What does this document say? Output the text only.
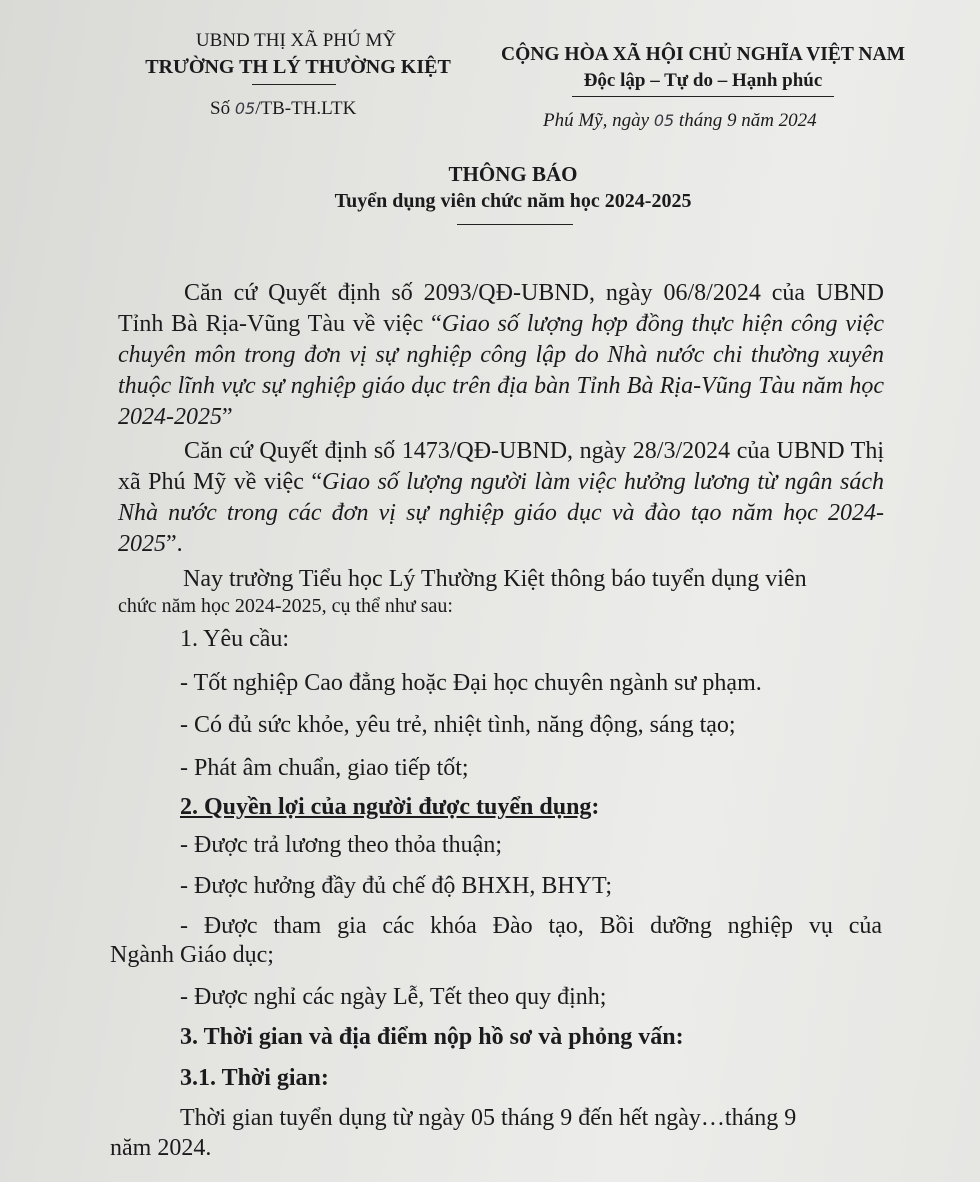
UBND THỊ XÃ PHÚ MỸ
TRƯỜNG TH LÝ THƯỜNG KIỆT
Số 05/TB-TH.LTK
CỘNG HÒA XÃ HỘI CHỦ NGHĨA VIỆT NAM
Độc lập – Tự do – Hạnh phúc
Phú Mỹ, ngày 05 tháng 9 năm 2024
THÔNG BÁO
Tuyển dụng viên chức năm học 2024-2025
Căn cứ Quyết định số 2093/QĐ-UBND, ngày 06/8/2024 của UBND Tỉnh Bà Rịa-Vũng Tàu về việc “Giao số lượng hợp đồng thực hiện công việc chuyên môn trong đơn vị sự nghiệp công lập do Nhà nước chi thường xuyên thuộc lĩnh vực sự nghiệp giáo dục trên địa bàn Tỉnh Bà Rịa-Vũng Tàu năm học 2024-2025”
Căn cứ Quyết định số 1473/QĐ-UBND, ngày 28/3/2024 của UBND Thị xã Phú Mỹ về việc “Giao số lượng người làm việc hưởng lương từ ngân sách Nhà nước trong các đơn vị sự nghiệp giáo dục và đào tạo năm học 2024-2025”.
Nay trường Tiểu học Lý Thường Kiệt thông báo tuyển dụng viên
chức năm học 2024-2025, cụ thể như sau:
1. Yêu cầu:
- Tốt nghiệp Cao đẳng hoặc Đại học chuyên ngành sư phạm.
- Có đủ sức khỏe, yêu trẻ, nhiệt tình, năng động, sáng tạo;
- Phát âm chuẩn, giao tiếp tốt;
2. Quyền lợi của người được tuyển dụng:
- Được trả lương theo thỏa thuận;
- Được hưởng đầy đủ chế độ BHXH, BHYT;
- Được tham gia các khóa Đào tạo, Bồi dưỡng nghiệp vụ của
Ngành Giáo dục;
- Được nghỉ các ngày Lễ, Tết theo quy định;
3. Thời gian và địa điểm nộp hồ sơ và phỏng vấn:
3.1. Thời gian:
Thời gian tuyển dụng từ ngày 05 tháng 9 đến hết ngày…tháng 9
năm 2024.
